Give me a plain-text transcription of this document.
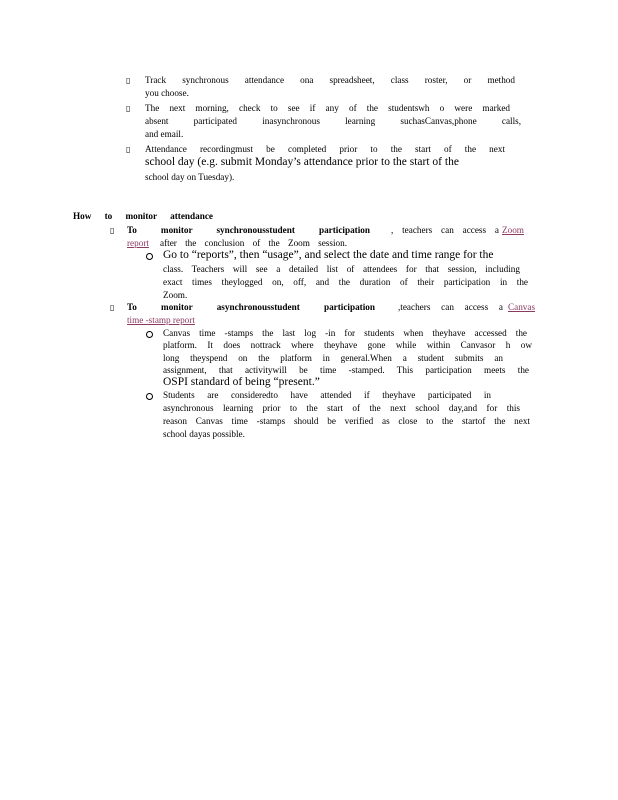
▯ Track synchronous attendance ona spreadsheet, class roster, or method
you choose.
▯ The next morning, check to see if any of the studentswh o were marked
absent participated inasynchronous learning suchasCanvas,phone calls,
and email.
▯ Attendance recordingmust be completed prior to the start of the next
school day (e.g. submit Monday’s attendance prior to the start of the
school day on Tuesday).
How to monitor attendance
▯ To monitor synchronousstudent participation , teachers can access a Zoom
report	after the conclusion of the Zoom session.
Go to “reports”, then “usage”, and select the date and time range for the
class. Teachers will see a detailed list of attendees for that session, including
exact times theylogged on, off, and the duration of their participation in the
Zoom.
▯ To monitor asynchronousstudent participation	,teachers can access a Canvas
time -stamp report
Canvas time -stamps the last log -in for students when theyhave accessed the
platform. It does nottrack where theyhave gone while within Canvasor h ow
long theyspend on the platform in general.When a student submits an
assignment, that activitywill be time -stamped. This participation meets the
OSPI standard of being “present.”
Students are consideredto have attended if theyhave participated in
asynchronous learning prior to the start of the next school day,and for this
reason Canvas time -stamps should be verified as close to the startof the next
school dayas possible.
